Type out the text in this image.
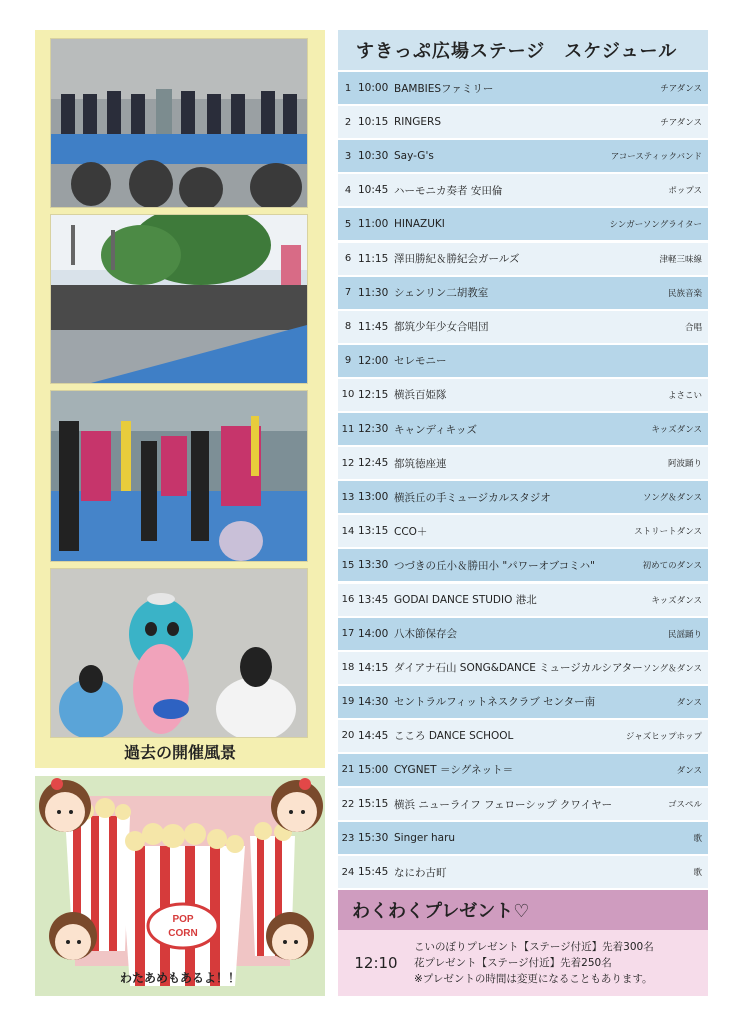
過去の開催風景
POP
CORN
わたあめもあるよ！！
すきっぷ広場ステージ　スケジュール
1 10:00 BAMBIESファミリー	チアダンス
2 10:15 RINGERS	チアダンス
3 10:30 Say-G's	アコースティックバンド
4 10:45 ハーモニカ奏者 安田倫	ポップス
5 11:00 HINAZUKI	シンガーソングライター
6 11:15 澤田勝紀＆勝紀会ガールズ	津軽三味線
7 11:30 シェンリン二胡教室	民族音楽
8 11:45 都筑少年少女合唱団	合唱
9 12:00 セレモニー
10 12:15 横浜百姫隊	よさこい
11 12:30 キャンディキッズ	キッズダンス
12 12:45 都筑徳座連	阿波踊り
13 13:00 横浜丘の手ミュージカルスタジオ	ソング＆ダンス
14 13:15 CCO＋	ストリートダンス
15 13:30 つづきの丘小＆勝田小 "パワーオブコミハ"	初めてのダンス
16 13:45 GODAI DANCE STUDIO 港北	キッズダンス
17 14:00 八木節保存会	民謡踊り
18 14:15 ダイアナ石山 SONG&DANCE ミュージカルシアター ソング＆ダンス
19 14:30 セントラルフィットネスクラブ センター南	ダンス
20 14:45 こころ DANCE SCHOOL	ジャズヒップホップ
21 15:00 CYGNET ＝シグネット＝	ダンス
22 15:15 横浜 ニューライフ フェローシップ クワイヤー	ゴスペル
23 15:30 Singer haru	歌
24 15:45 なにわ古町	歌
わくわくプレゼント♡
12:10
こいのぼりプレゼント【ステージ付近】先着300名
花プレゼント【ステージ付近】先着250名
※プレゼントの時間は変更になることもあります。
